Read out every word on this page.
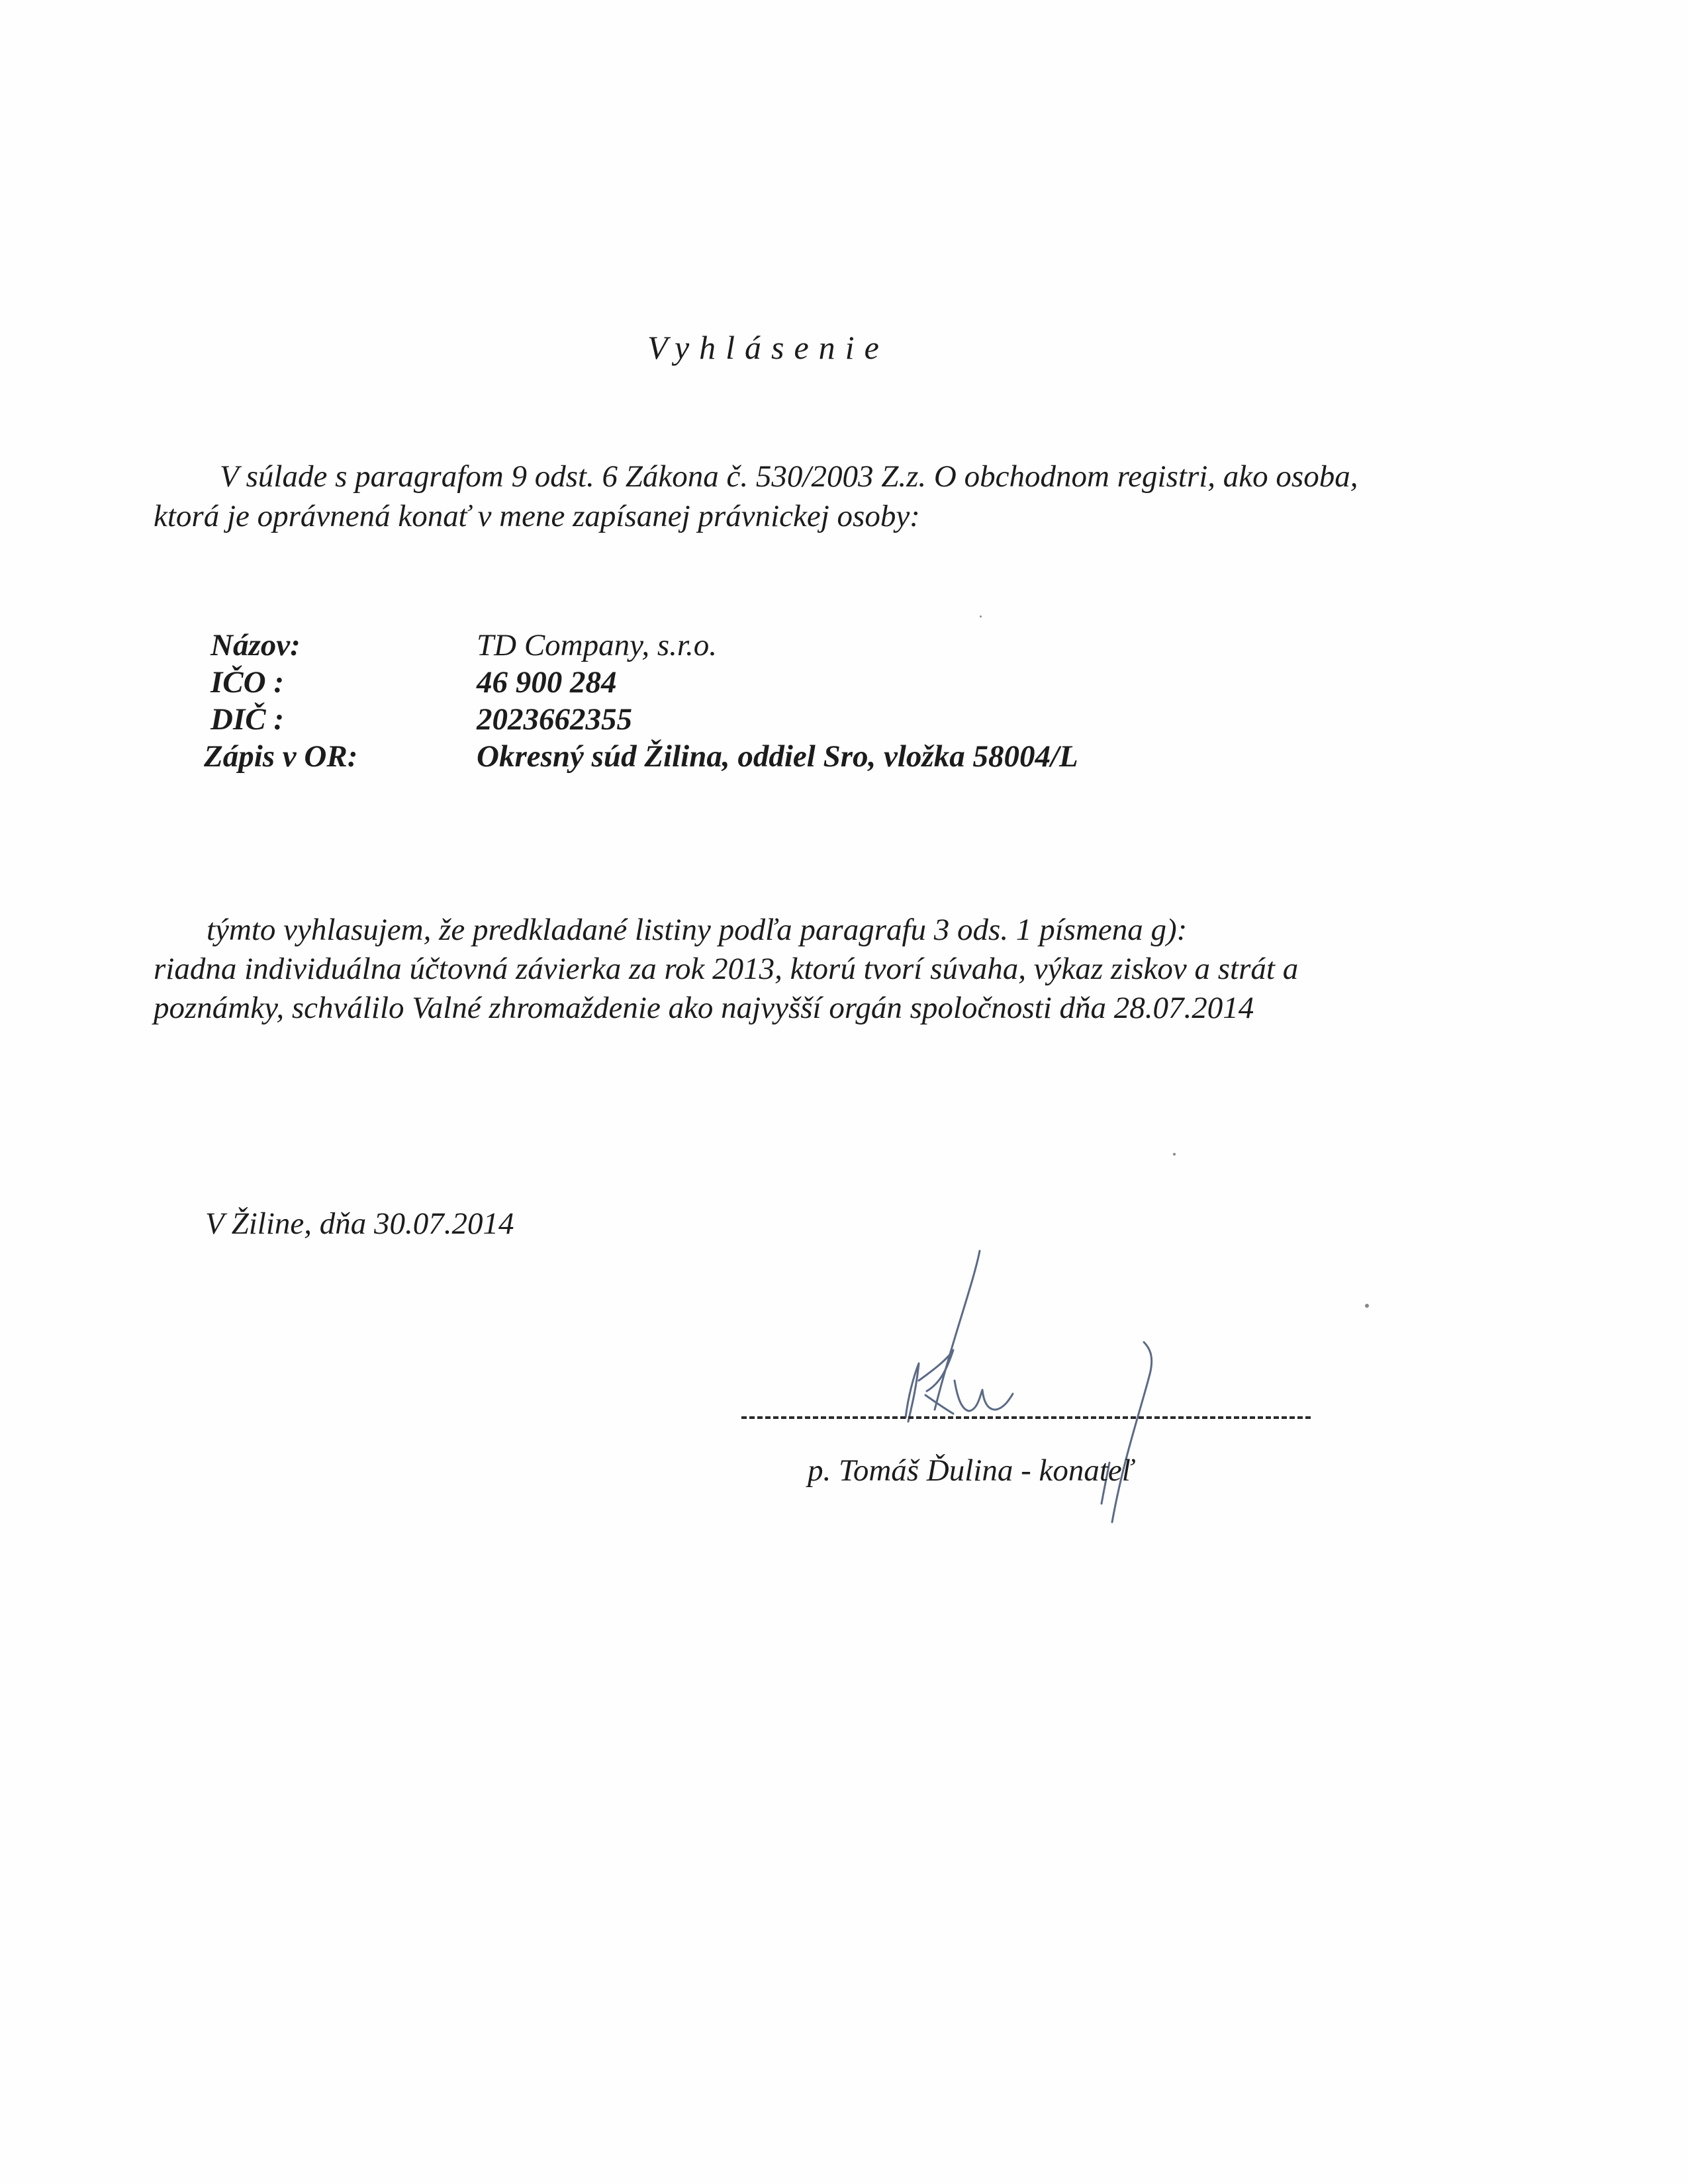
Vyhlásenie
V súlade s paragrafom 9 odst. 6 Zákona č. 530/2003 Z.z. O obchodnom registri, ako osoba,
ktorá je oprávnená konať v mene zapísanej právnickej osoby:
Názov:	TD Company, s.r.o.
IČO :	46 900 284
DIČ :	2023662355
Zápis v OR:	Okresný súd Žilina, oddiel Sro, vložka 58004/L
týmto vyhlasujem, že predkladané listiny podľa paragrafu 3 ods. 1 písmena g):
riadna individuálna účtovná závierka za rok 2013, ktorú tvorí súvaha, výkaz ziskov a strát a
poznámky, schválilo Valné zhromaždenie ako najvyšší orgán spoločnosti dňa 28.07.2014
V Žiline, dňa 30.07.2014
p. Tomáš Ďulina - konateľ
